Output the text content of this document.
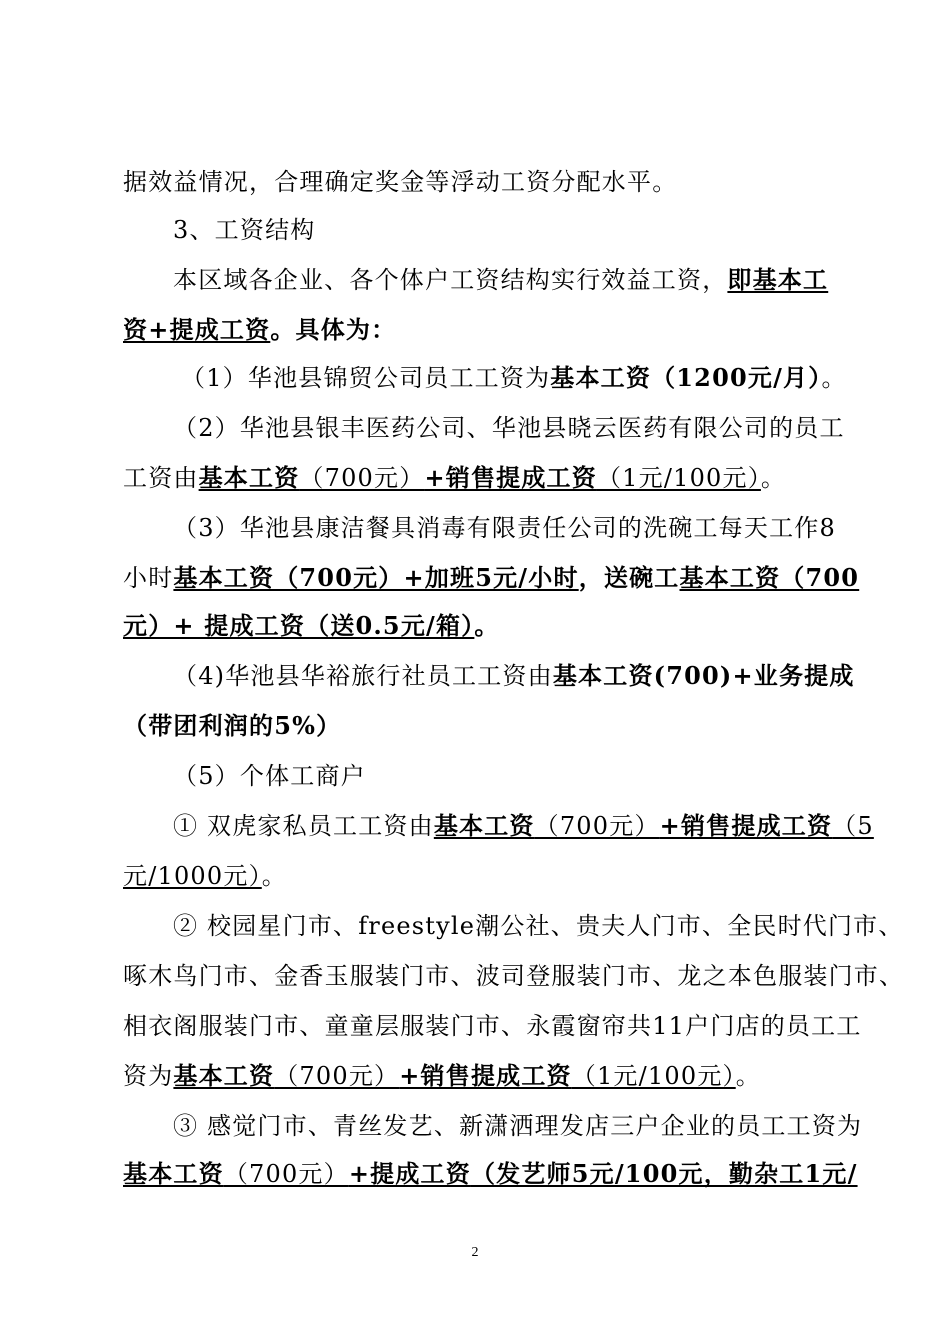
据效益情况，合理确定奖金等浮动工资分配水平。
3、工资结构
本区域各企业、各个体户工资结构实行效益工资，即基本工
资+提成工资。具体为：
（1）华池县锦贸公司员工工资为基本工资（1200元/月）。
（2）华池县银丰医药公司、华池县晓云医药有限公司的员工
工资由基本工资（700元）+销售提成工资（1元/100元）。
（3）华池县康洁餐具消毒有限责任公司的洗碗工每天工作8
小时基本工资（700元）+加班5元/小时，送碗工基本工资（700
元）+ 提成工资（送0.5元/箱）。
（4)华池县华裕旅行社员工工资由基本工资(700)+业务提成
（带团利润的5%）
（5）个体工商户
① 双虎家私员工工资由基本工资（700元）+销售提成工资（5
元/1000元）。
② 校园星门市、freestyle潮公社、贵夫人门市、全民时代门市、
啄木鸟门市、金香玉服装门市、波司登服装门市、龙之本色服装门市、
相衣阁服装门市、童童层服装门市、永霞窗帘共11户门店的员工工
资为基本工资（700元）+销售提成工资（1元/100元）。
③ 感觉门市、青丝发艺、新潇洒理发店三户企业的员工工资为
基本工资（700元）+提成工资（发艺师5元/100元，勤杂工1元/
2
